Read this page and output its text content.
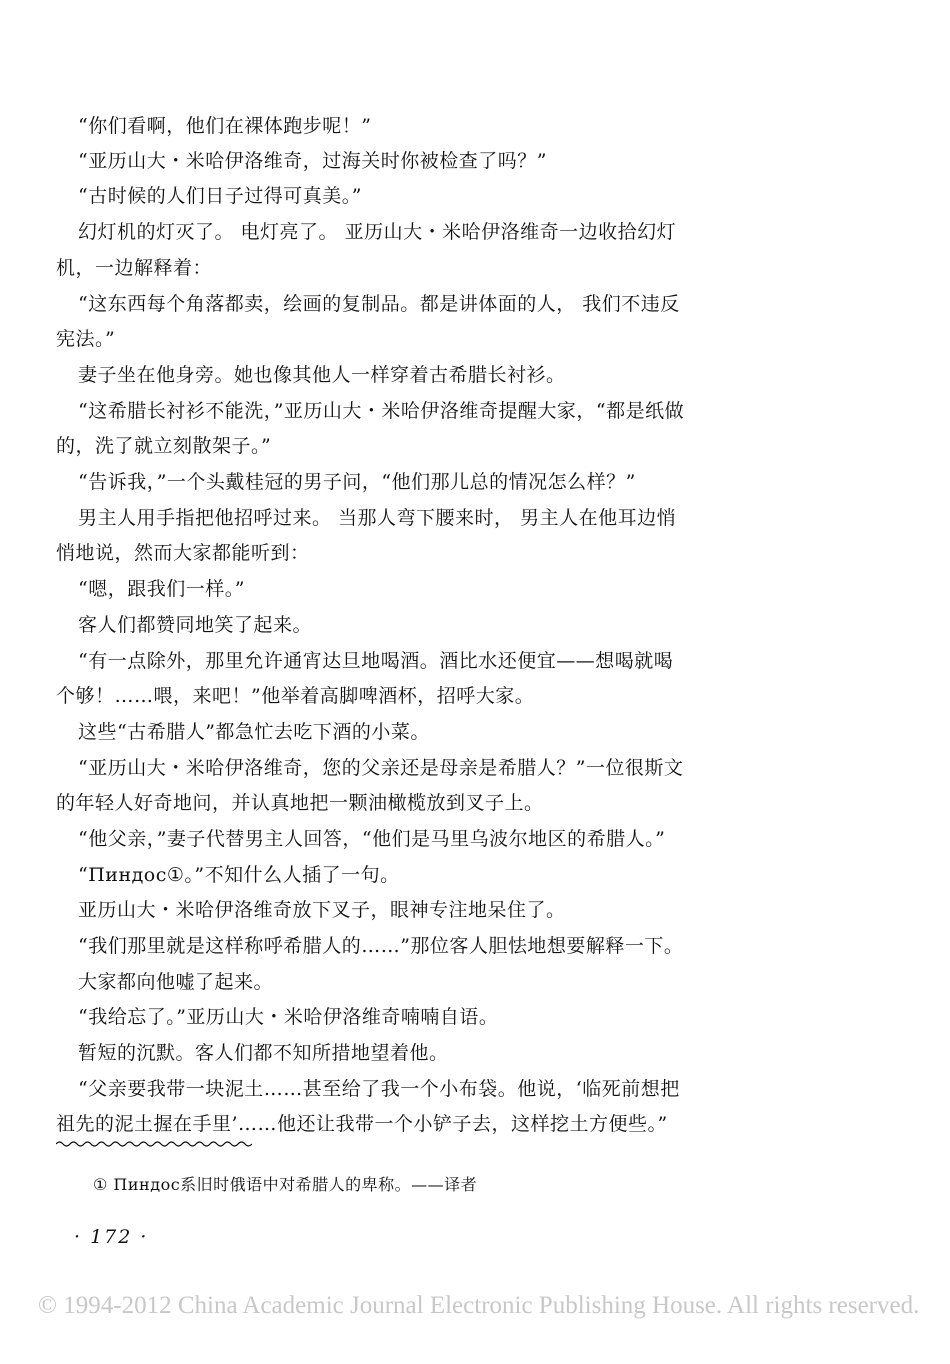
“你们看啊，他们在裸体跑步呢！”
“亚历山大・米哈伊洛维奇，过海关时你被检查了吗？”
“古时候的人们日子过得可真美。”
幻灯机的灯灭了。 电灯亮了。 亚历山大・米哈伊洛维奇一边收拾幻灯
机，一边解释着：
“这东西每个角落都卖，绘画的复制品。都是讲体面的人， 我们不违反
宪法。”
妻子坐在他身旁。她也像其他人一样穿着古希腊长衬衫。
“这希腊长衬衫不能洗，”亚历山大・米哈伊洛维奇提醒大家，“都是纸做
的，洗了就立刻散架子。”
“告诉我，”一个头戴桂冠的男子问，“他们那儿总的情况怎么样？”
男主人用手指把他招呼过来。 当那人弯下腰来时， 男主人在他耳边悄
悄地说，然而大家都能听到：
“嗯，跟我们一样。”
客人们都赞同地笑了起来。
“有一点除外，那里允许通宵达旦地喝酒。酒比水还便宜——想喝就喝
个够！……喂，来吧！”他举着高脚啤酒杯，招呼大家。
这些“古希腊人”都急忙去吃下酒的小菜。
“亚历山大・米哈伊洛维奇，您的父亲还是母亲是希腊人？”一位很斯文
的年轻人好奇地问，并认真地把一颗油橄榄放到叉子上。
“他父亲，”妻子代替男主人回答，“他们是马里乌波尔地区的希腊人。”
“Пиндос①。”不知什么人插了一句。
亚历山大・米哈伊洛维奇放下叉子，眼神专注地呆住了。
“我们那里就是这样称呼希腊人的……”那位客人胆怯地想要解释一下。
大家都向他嘘了起来。
“我给忘了。”亚历山大・米哈伊洛维奇喃喃自语。
暂短的沉默。客人们都不知所措地望着他。
“父亲要我带一块泥土……甚至给了我一个小布袋。他说，‘临死前想把
祖先的泥土握在手里’……他还让我带一个小铲子去，这样挖土方便些。”
① Пиндос系旧时俄语中对希腊人的卑称。——译者
· 172 ·
© 1994-2012 China Academic Journal Electronic Publishing House. All rights reserved.
